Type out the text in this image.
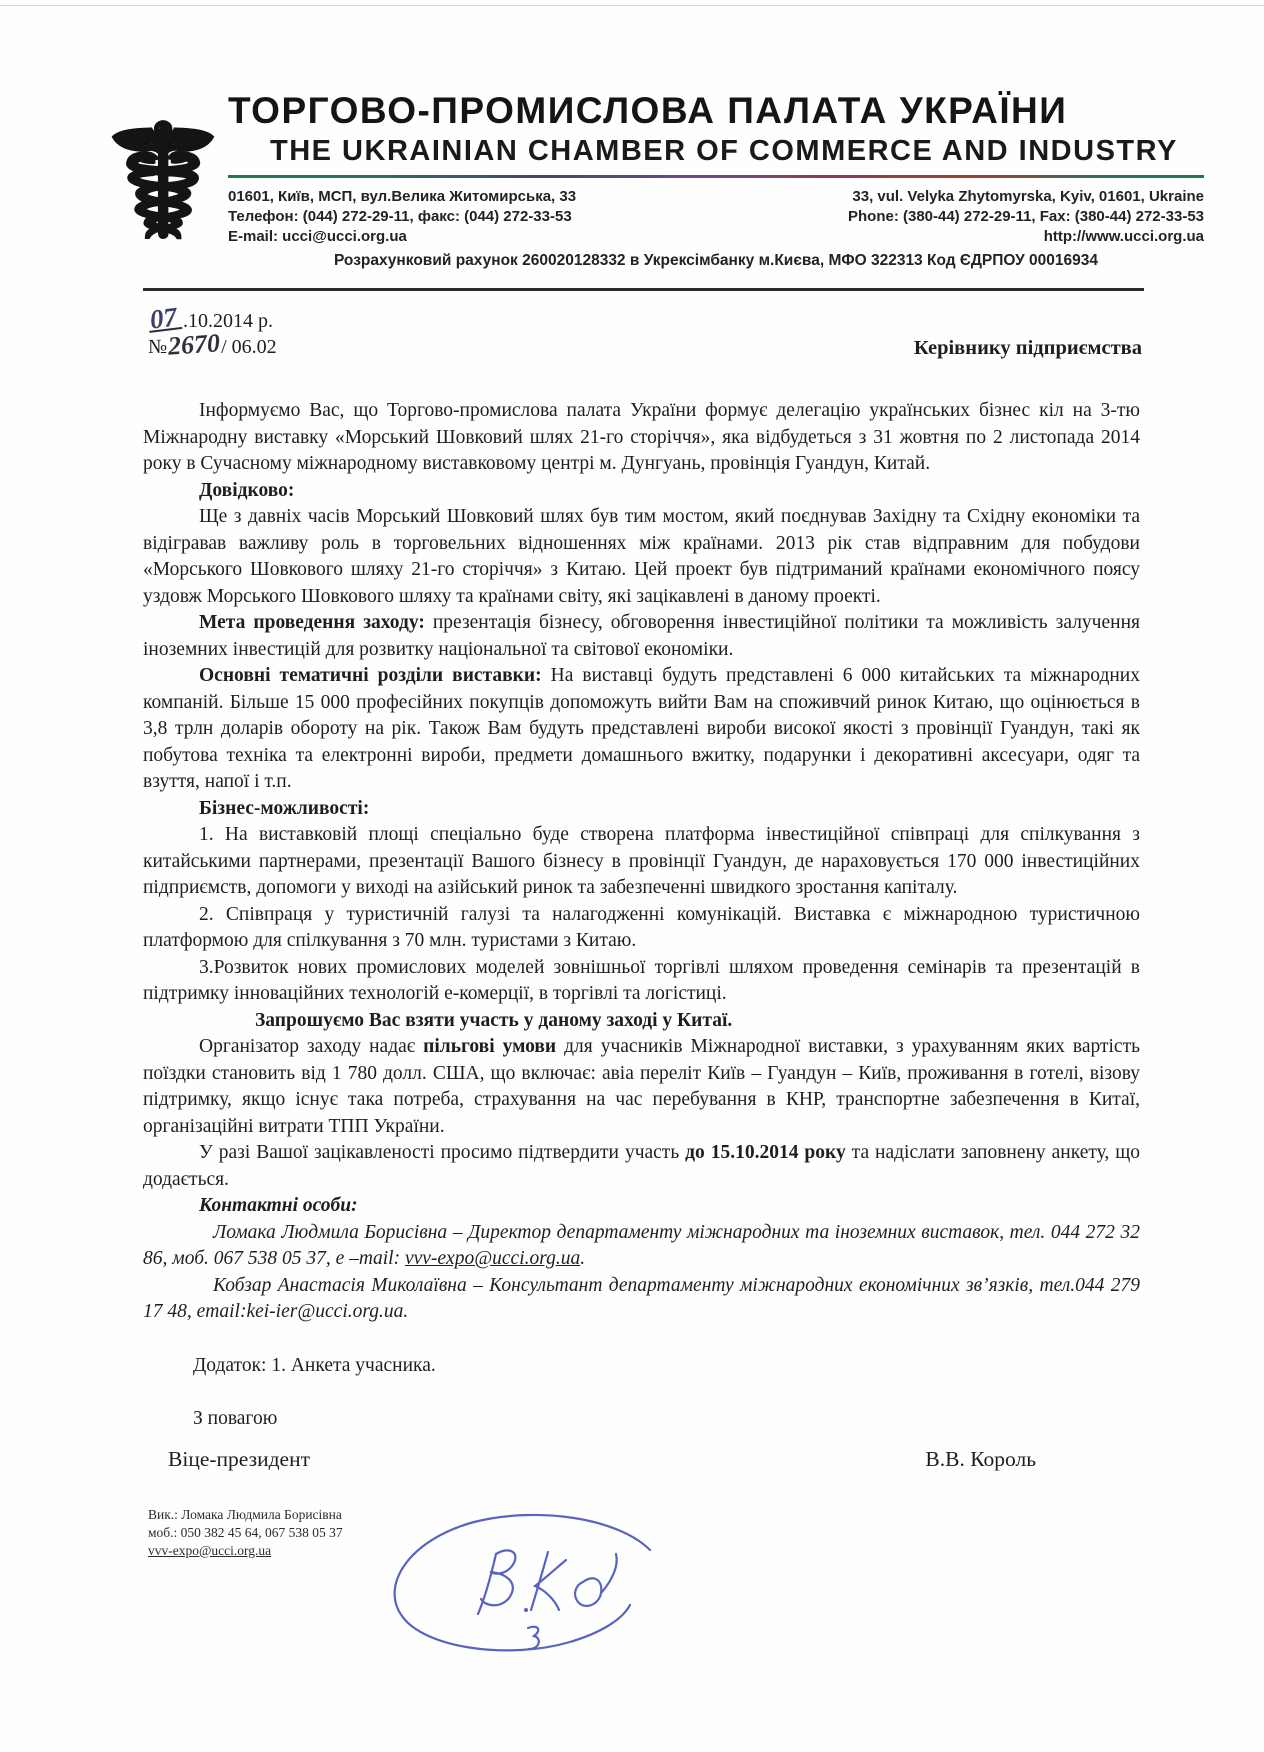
☤ ТОРГОВО-ПРОМИСЛОВА ПАЛАТА УКРАЇНИ
THE UKRAINIAN CHAMBER OF COMMERCE AND INDUSTRY
01601, Київ, МСП, вул.Велика Житомирська, 33
Телефон: (044) 272-29-11, факс: (044) 272-33-53
E-mail: ucci@ucci.org.ua
33, vul. Velyka Zhytomyrska, Kyiv, 01601, Ukraine
Phone: (380-44) 272-29-11, Fax: (380-44) 272-33-53
http://www.ucci.org.ua
Розрахунковий рахунок 260020128332 в Укрексімбанку м.Києва, МФО 322313 Код ЄДРПОУ 00016934
07 .10.2014 р.
№2670/ 06.02	Керівнику підприємства

Інформуємо Вас, що Торгово-промислова палата України формує делегацію українських бізнес кіл на 3-тю Міжнародну виставку «Морський Шовковий шлях 21-го сторіччя», яка відбудеться з 31 жовтня по 2 листопада 2014 року в Сучасному міжнародному виставковому центрі м. Дунгуань, провінція Гуандун, Китай.

Довідково:

Ще з давніх часів Морський Шовковий шлях був тим мостом, який поєднував Західну та Східну економіки та відігравав важливу роль в торговельних відношеннях між країнами. 2013 рік став відправним для побудови «Морського Шовкового шляху 21-го сторіччя» з Китаю. Цей проект був підтриманий країнами економічного поясу уздовж Морського Шовкового шляху та країнами світу, які зацікавлені в даному проекті.

Мета проведення заходу: презентація бізнесу, обговорення інвестиційної політики та можливість залучення іноземних інвестицій для розвитку національної та світової економіки.

Основні тематичні розділи виставки: На виставці будуть представлені 6 000 китайських та міжнародних компаній. Більше 15 000 професійних покупців допоможуть вийти Вам на споживчий ринок Китаю, що оцінюється в 3,8 трлн доларів обороту на рік. Також Вам будуть представлені вироби високої якості з провінції Гуандун, такі як побутова техніка та електронні вироби, предмети домашнього вжитку, подарунки і декоративні аксесуари, одяг та взуття, напої і т.п.

Бізнес-можливості:

1. На виставковій площі спеціально буде створена платформа інвестиційної співпраці для спілкування з китайськими партнерами, презентації Вашого бізнесу в провінції Гуандун, де нараховується 170 000 інвестиційних підприємств, допомоги у виході на азійський ринок та забезпеченні швидкого зростання капіталу.

2. Співпраця у туристичній галузі та налагодженні комунікацій. Виставка є міжнародною туристичною платформою для спілкування з 70 млн. туристами з Китаю.

3.Розвиток нових промислових моделей зовнішньої торгівлі шляхом проведення семінарів та презентацій в підтримку інноваційних технологій е-комерції, в торгівлі та логістиці.

Запрошуємо Вас взяти участь у даному заході у Китаї.

Організатор заходу надає пільгові умови для учасників Міжнародної виставки, з урахуванням яких вартість поїздки становить від 1 780 долл. США, що включає: авіа переліт Київ – Гуандун – Київ, проживання в готелі, візову підтримку, якщо існує така потреба, страхування на час перебування в КНР, транспортне забезпечення в Китаї, організаційні витрати ТПП України.

У разі Вашої зацікавленості просимо підтвердити участь до 15.10.2014 року та надіслати заповнену анкету, що додається.

Контактні особи:

Ломака Людмила Борисівна – Директор департаменту міжнародних та іноземних виставок, тел. 044 272 32 86, моб. 067 538 05 37, е –mail: vvv-expo@ucci.org.ua.

Кобзар Анастасія Миколаївна – Консультант департаменту міжнародних економічних зв’язків, тел.044 279 17 48, email:kei-ier@ucci.org.ua.

Додаток: 1. Анкета учасника.

З повагою

Віце-президент	В.В. Король
Вик.: Ломака Людмила Борисівна
моб.: 050 382 45 64, 067 538 05 37
vvv-expo@ucci.org.ua
